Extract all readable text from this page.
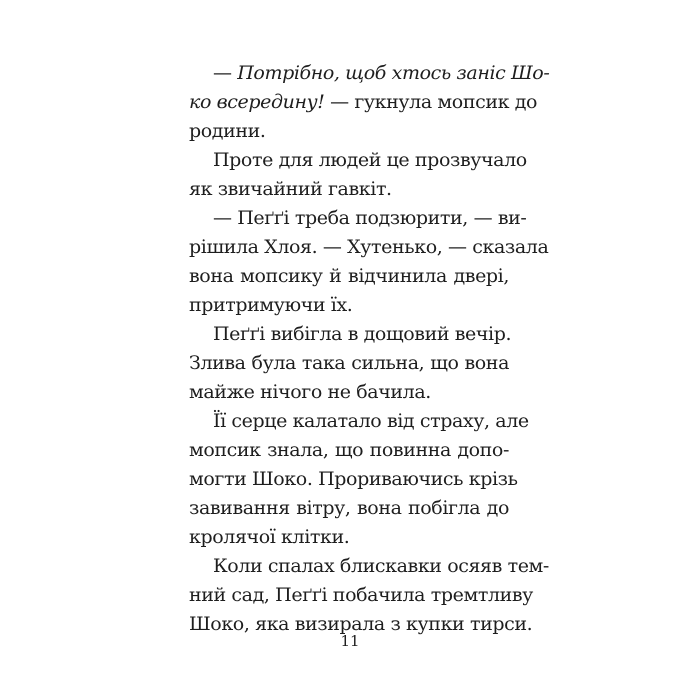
— Потрібно, щоб хтось заніс Шо-
ко всередину! — гукнула мопсик до
родини.
Проте для людей це прозвучало
як звичайний гавкіт.
— Пеґґі треба подзюрити, — ви-
рішила Хлоя. — Хутенько, — сказала
вона мопсику й відчинила двері,
притримуючи їх.
Пеґґі вибігла в дощовий вечір.
Злива була така сильна, що вона
майже нічого не бачила.
Її серце калатало від страху, але
мопсик знала, що повинна допо-
могти Шоко. Прориваючись крізь
завивання вітру, вона побігла до
кролячої клітки.
Коли спалах блискавки осяяв тем-
ний сад, Пеґґі побачила тремтливу
Шоко, яка визирала з купки тирси.
11
